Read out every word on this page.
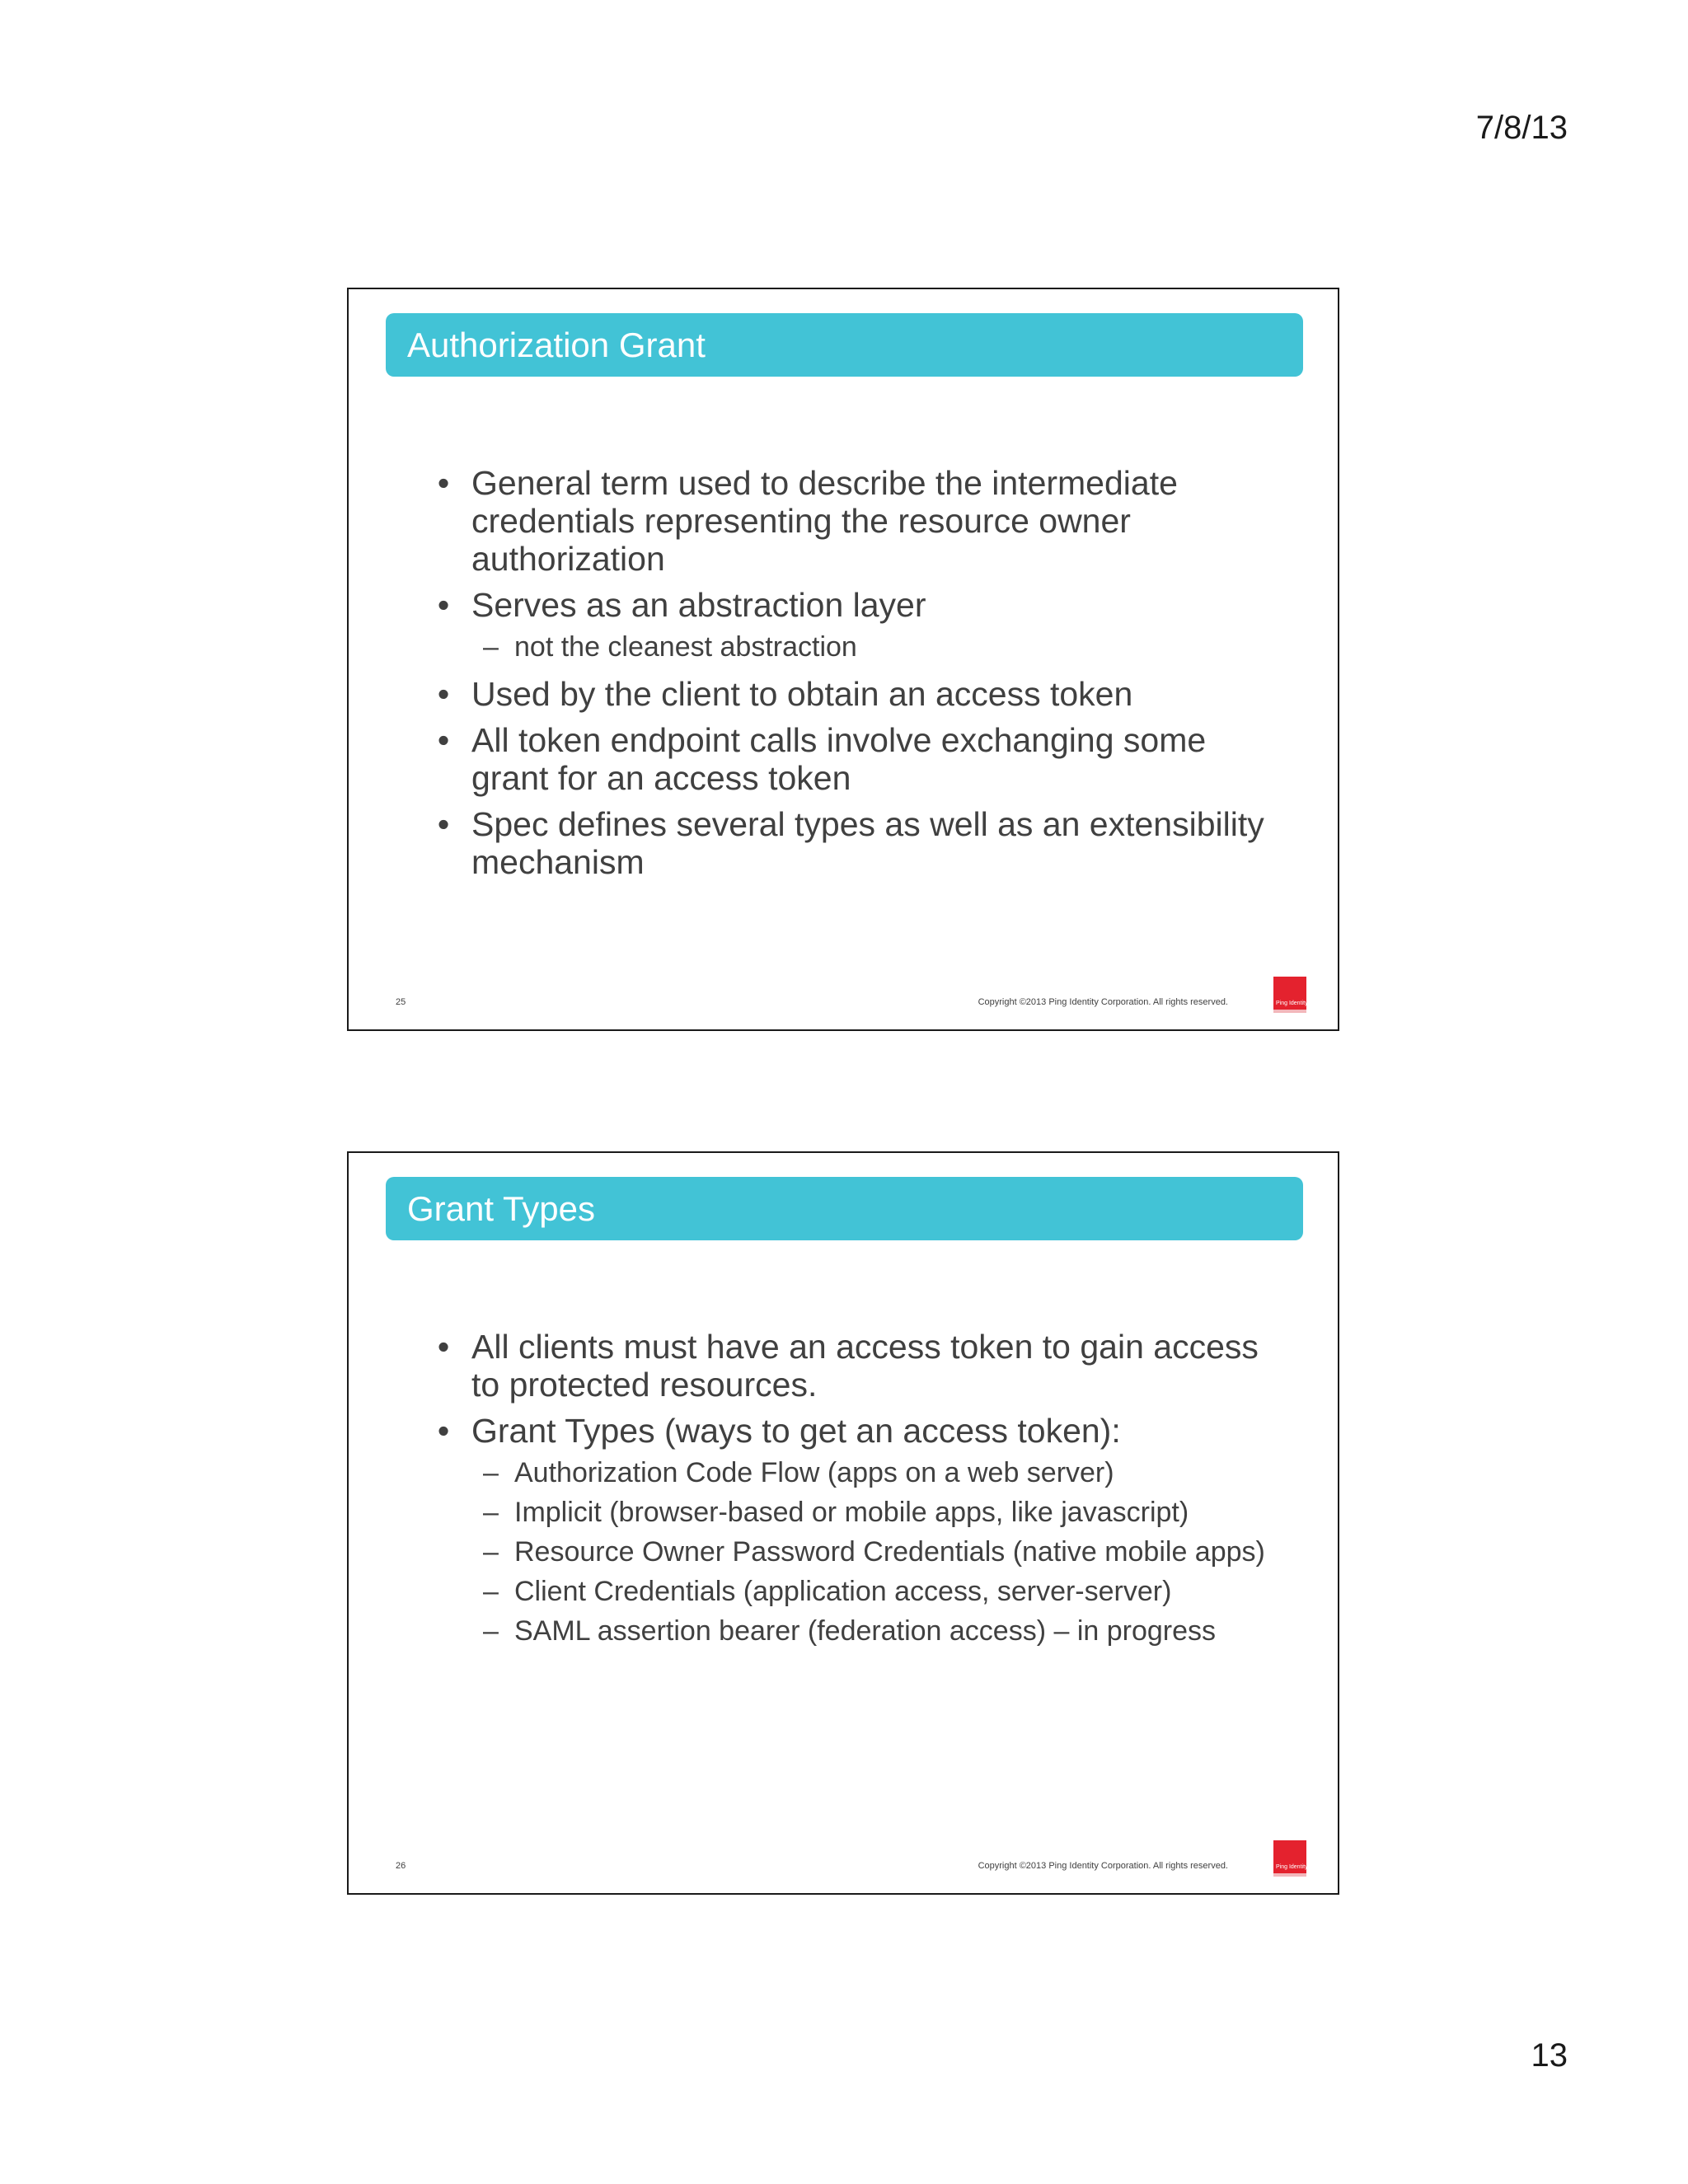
7/8/13
Authorization Grant
• General term used to describe the intermediate credentials representing the resource owner authorization
• Serves as an abstraction layer
– not the cleanest abstraction
• Used by the client to obtain an access token
• All token endpoint calls involve exchanging some grant for an access token
• Spec defines several types as well as an extensibility mechanism
25	Copyright ©2013 Ping Identity Corporation. All rights reserved.	Ping Identity
Grant Types
• All clients must have an access token to gain access to protected resources.
• Grant Types (ways to get an access token):
– Authorization Code Flow (apps on a web server)
– Implicit (browser-based or mobile apps, like javascript)
– Resource Owner Password Credentials (native mobile apps)
– Client Credentials (application access, server-server)
– SAML assertion bearer (federation access) – in progress
26	Copyright ©2013 Ping Identity Corporation. All rights reserved.	Ping Identity
13
